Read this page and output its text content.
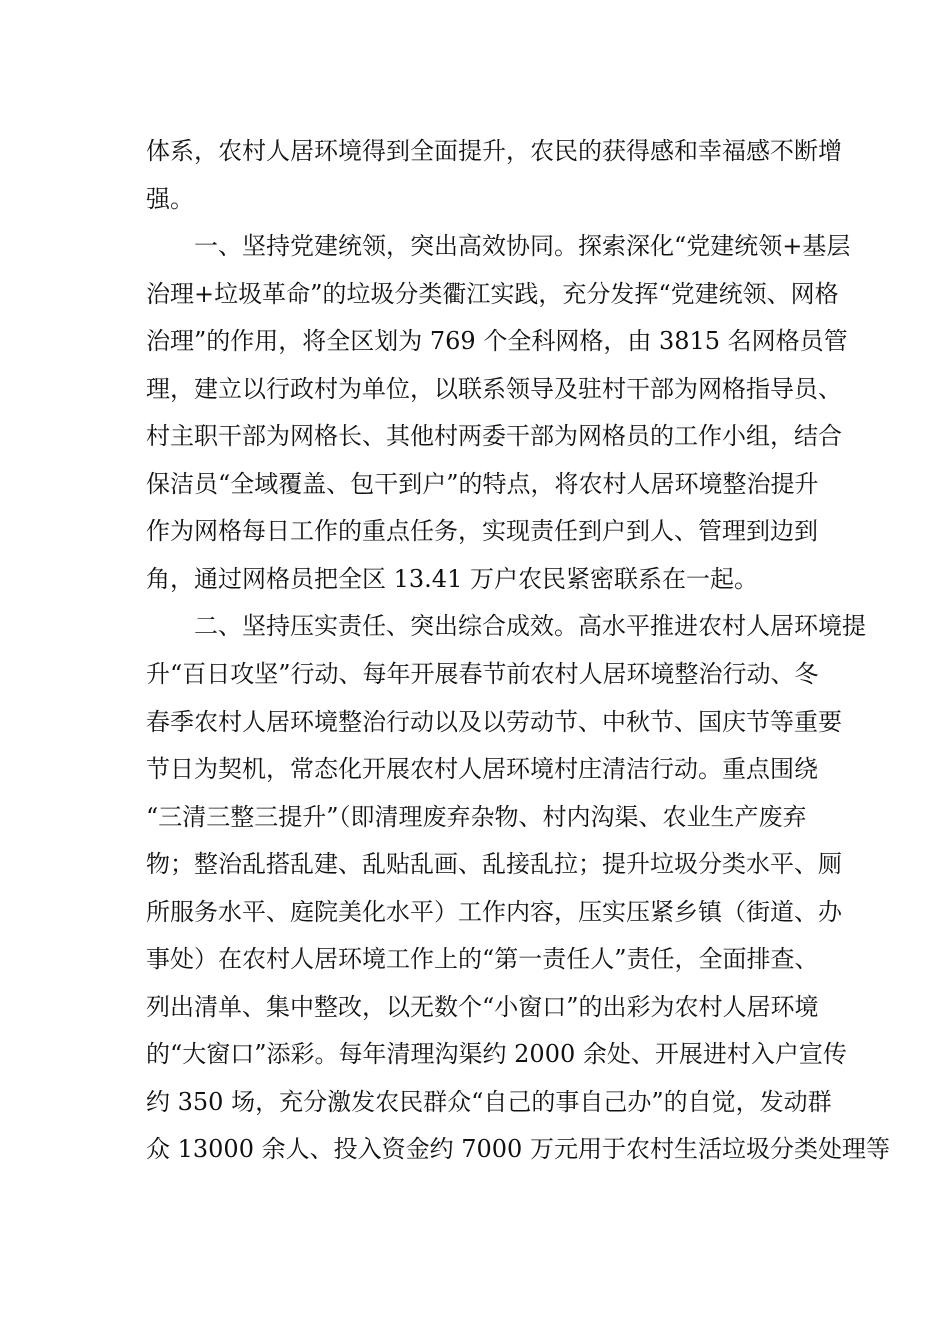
体系，农村人居环境得到全面提升，农民的获得感和幸福感不断增
强。
一、坚持党建统领，突出高效协同。探索深化“党建统领+基层
治理+垃圾革命”的垃圾分类衢江实践，充分发挥“党建统领、网格
治理”的作用，将全区划为 769 个全科网格，由 3815 名网格员管
理，建立以行政村为单位，以联系领导及驻村干部为网格指导员、
村主职干部为网格长、其他村两委干部为网格员的工作小组，结合
保洁员“全域覆盖、包干到户”的特点，将农村人居环境整治提升
作为网格每日工作的重点任务，实现责任到户到人、管理到边到
角，通过网格员把全区 13.41 万户农民紧密联系在一起。
二、坚持压实责任、突出综合成效。高水平推进农村人居环境提
升“百日攻坚”行动、每年开展春节前农村人居环境整治行动、冬
春季农村人居环境整治行动以及以劳动节、中秋节、国庆节等重要
节日为契机，常态化开展农村人居环境村庄清洁行动。重点围绕
“三清三整三提升”（即清理废弃杂物、村内沟渠、农业生产废弃
物；整治乱搭乱建、乱贴乱画、乱接乱拉；提升垃圾分类水平、厕
所服务水平、庭院美化水平）工作内容，压实压紧乡镇（街道、办
事处）在农村人居环境工作上的“第一责任人”责任，全面排查、
列出清单、集中整改，以无数个“小窗口”的出彩为农村人居环境
的“大窗口”添彩。每年清理沟渠约 2000 余处、开展进村入户宣传
约 350 场，充分激发农民群众“自己的事自己办”的自觉，发动群
众 13000 余人、投入资金约 7000 万元用于农村生活垃圾分类处理等
